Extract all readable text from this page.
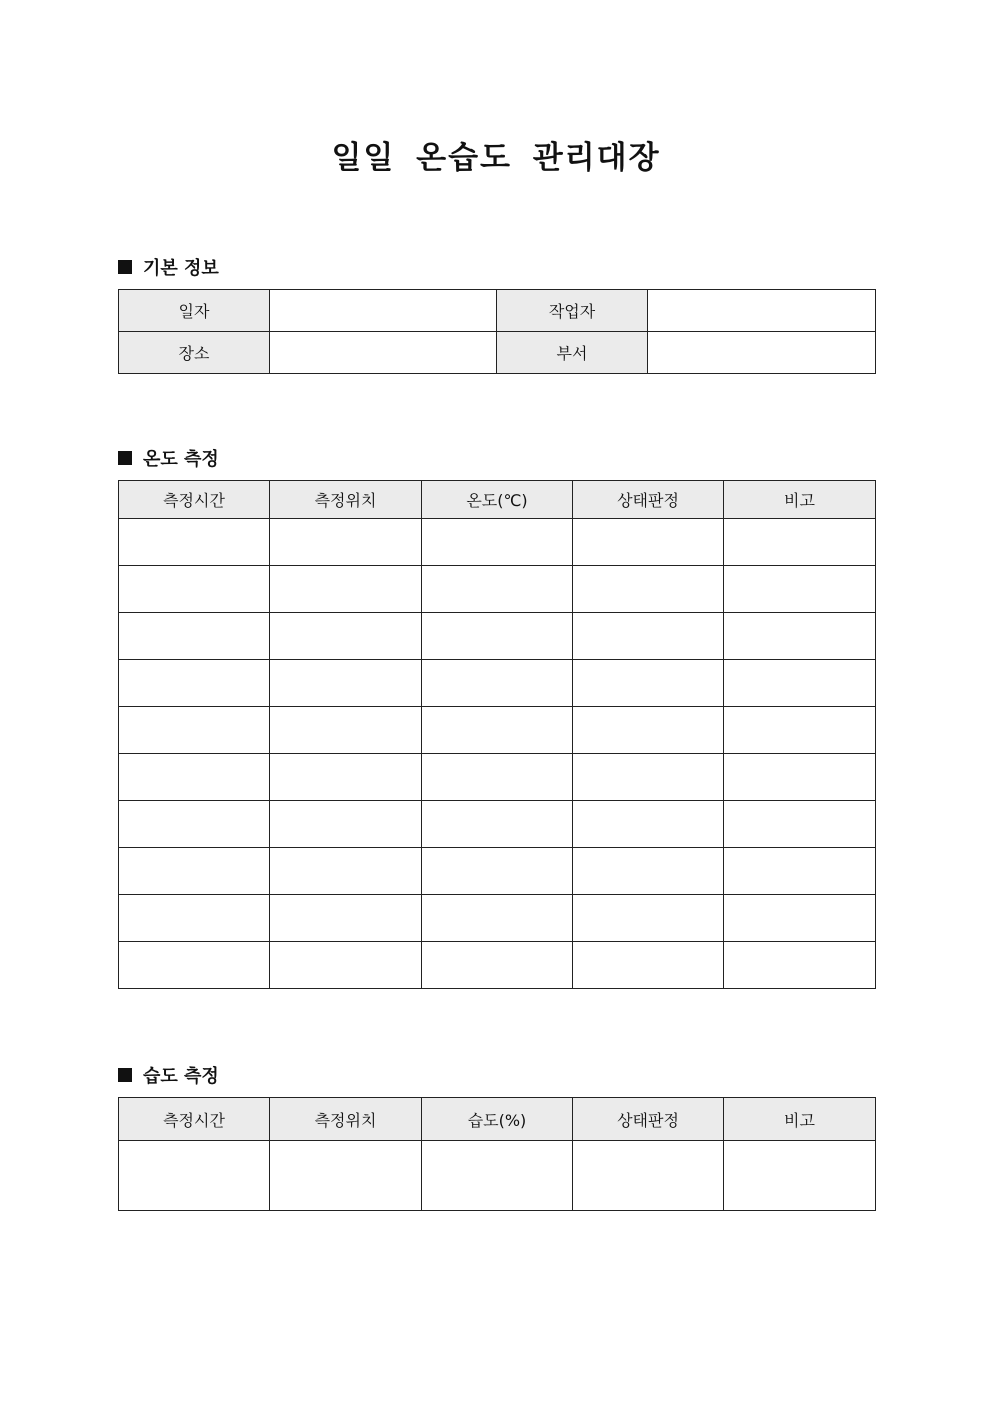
일일 온습도 관리대장
기본 정보
일자		작업자	
장소		부서	
온도 측정
측정시간	측정위치	온도(℃)	상태판정	비고

습도 측정
측정시간	측정위치	습도(%)	상태판정	비고
